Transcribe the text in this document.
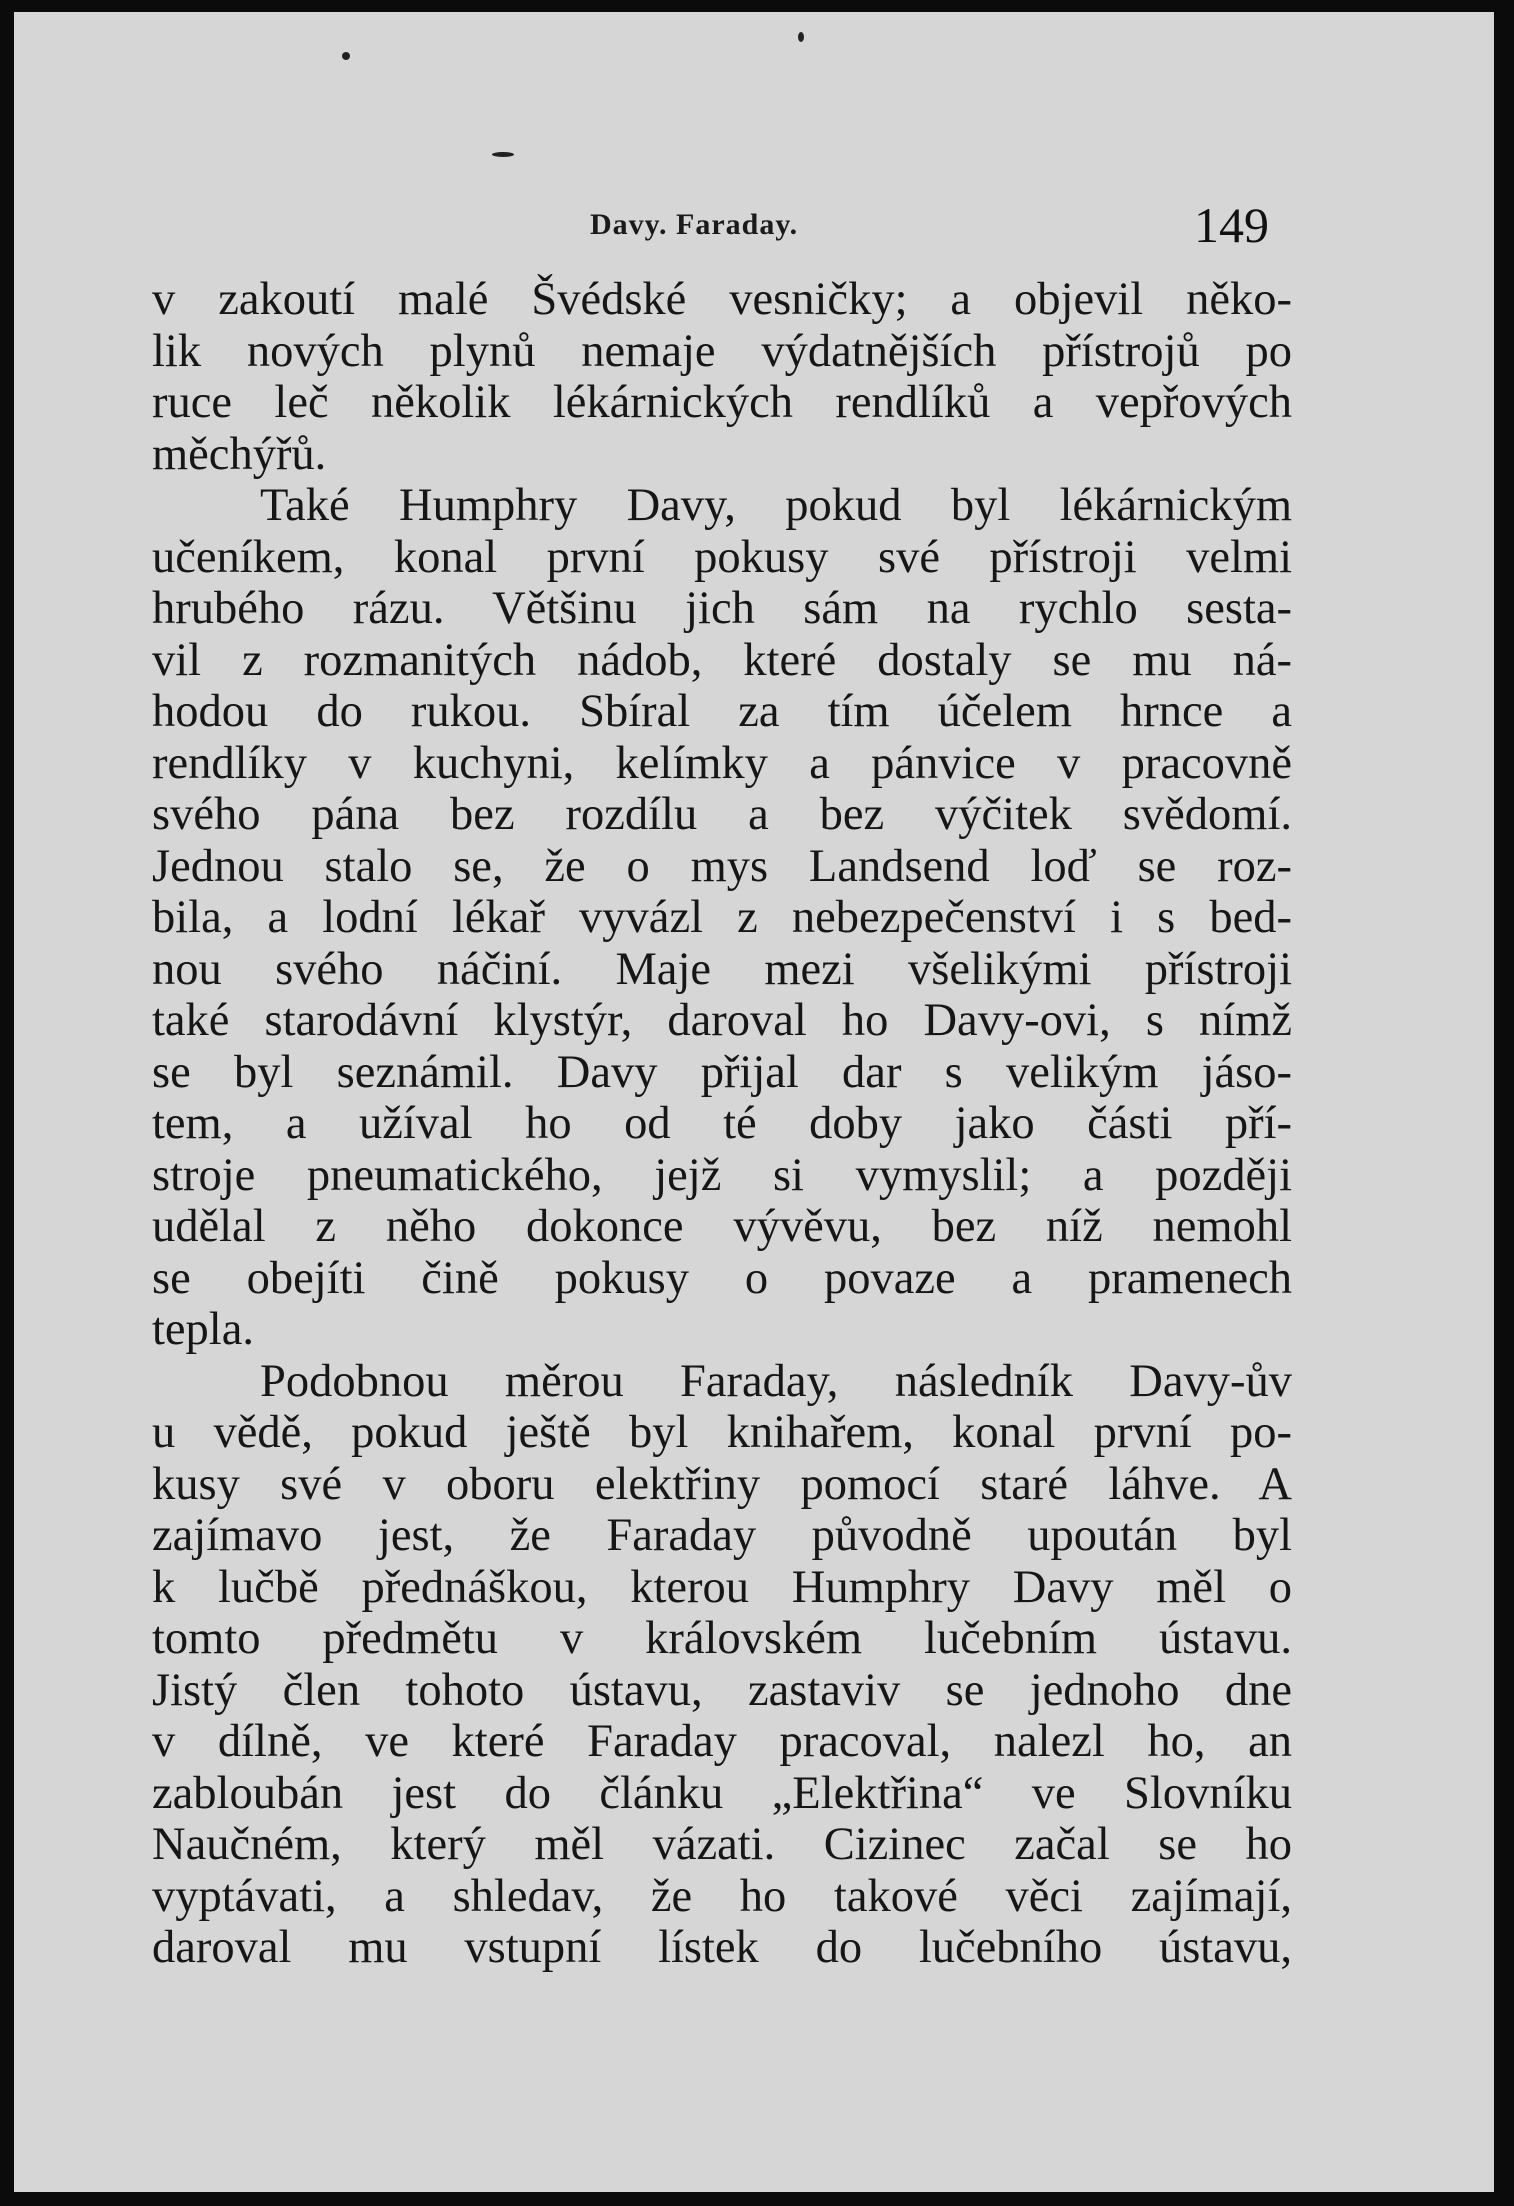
Davy. Faraday.	149
v zakoutí malé Švédské vesničky; a objevil něko-
lik nových plynů nemaje výdatnějších přístrojů po
ruce leč několik lékárnických rendlíků a vepřových
měchýřů.
Také Humphry Davy, pokud byl lékárnickým
učeníkem, konal první pokusy své přístroji velmi
hrubého rázu. Většinu jich sám na rychlo sesta-
vil z rozmanitých nádob, které dostaly se mu ná-
hodou do rukou. Sbíral za tím účelem hrnce a
rendlíky v kuchyni, kelímky a pánvice v pracovně
svého pána bez rozdílu a bez výčitek svědomí.
Jednou stalo se, že o mys Landsend loď se roz-
bila, a lodní lékař vyvázl z nebezpečenství i s bed-
nou svého náčiní. Maje mezi všelikými přístroji
také starodávní klystýr, daroval ho Davy-ovi, s nímž
se byl seznámil. Davy přijal dar s velikým jáso-
tem, a užíval ho od té doby jako části pří-
stroje pneumatického, jejž si vymyslil; a později
udělal z něho dokonce vývěvu, bez níž nemohl
se obejíti čině pokusy o povaze a pramenech
tepla.
Podobnou měrou Faraday, následník Davy-ův
u vědě, pokud ještě byl knihařem, konal první po-
kusy své v oboru elektřiny pomocí staré láhve. A
zajímavo jest, že Faraday původně upoután byl
k lučbě přednáškou, kterou Humphry Davy měl o
tomto předmětu v královském lučebním ústavu.
Jistý člen tohoto ústavu, zastaviv se jednoho dne
v dílně, ve které Faraday pracoval, nalezl ho, an
zabloubán jest do článku „Elektřina“ ve Slovníku
Naučném, který měl vázati. Cizinec začal se ho
vyptávati, a shledav, že ho takové věci zajímají,
daroval mu vstupní lístek do lučebního ústavu,
